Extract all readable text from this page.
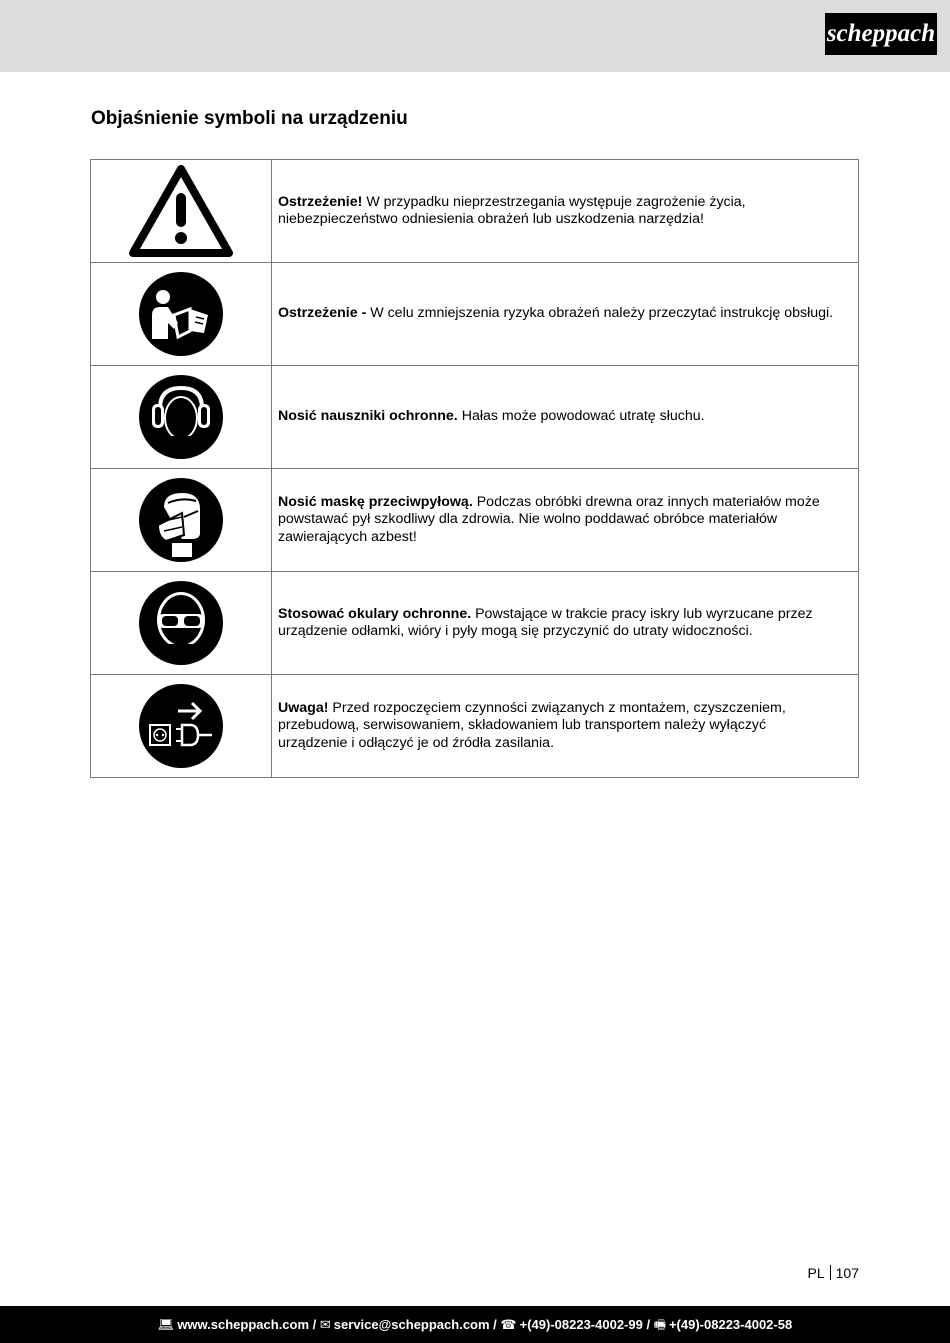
scheppach
Objaśnienie symboli na urządzeniu
	Ostrzeżenie! W przypadku nieprzestrzegania występuje zagrożenie życia, niebezpieczeństwo odniesienia obrażeń lub uszkodzenia narzędzia!

	Ostrzeżenie - W celu zmniejszenia ryzyka obrażeń należy przeczytać instrukcję obsługi.

	Nosić nauszniki ochronne. Hałas może powodować utratę słuchu.

	Nosić maskę przeciwpyłową. Podczas obróbki drewna oraz innych materiałów może powstawać pył szkodliwy dla zdrowia. Nie wolno poddawać obróbce materiałów zawierających azbest!

	Stosować okulary ochronne. Powstające w trakcie pracy iskry lub wyrzucane przez urządzenie odłamki, wióry i pyły mogą się przyczynić do utraty widoczności.

	Uwaga! Przed rozpoczęciem czynności związanych z montażem, czyszczeniem, przebudową, serwisowaniem, składowaniem lub transportem należy wyłączyć urządzenie i odłączyć je od źródła zasilania.
PL 107
💻︎ www.scheppach.com / ✉︎ service@scheppach.com / ☎ +(49)-08223-4002-99 / 🖷︎ +(49)-08223-4002-58
